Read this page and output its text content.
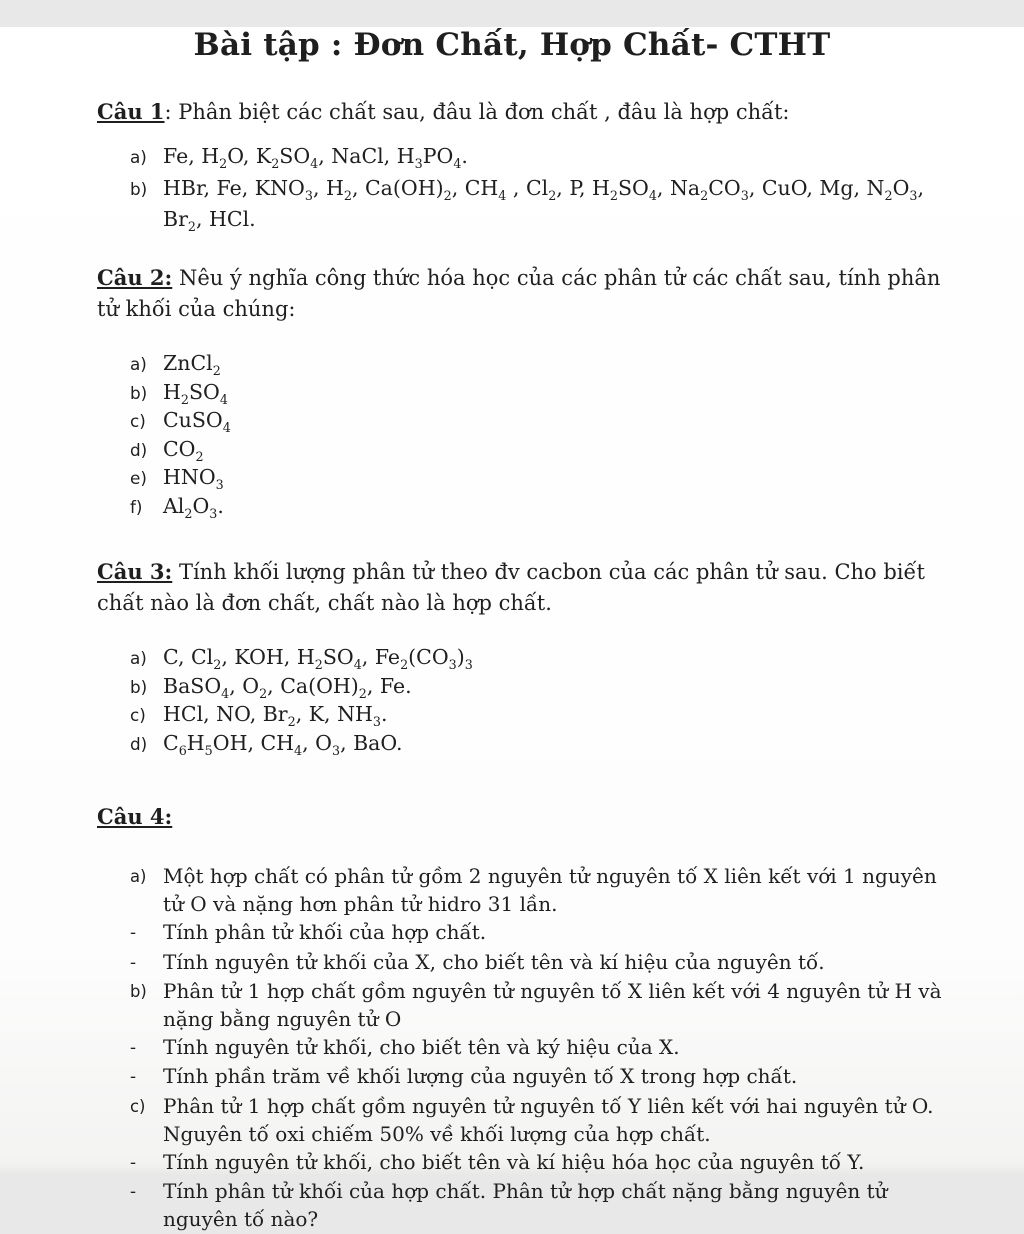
Bài tập : Đơn Chất, Hợp Chất- CTHT
Câu 1: Phân biệt các chất sau, đâu là đơn chất , đâu là hợp chất:
a) Fe, $H_2O$, $K_2SO_4$, NaCl, $H_3PO_4$.
b) HBr, Fe, $KNO_3$, $H_2$, $Ca(OH)_2$, $CH_4$ , $Cl_2$, P, $H_2SO_4$, $Na_2CO_3$, CuO, Mg, $N_2O_3$, $Br_2$, HCl.
Câu 2: Nêu ý nghĩa công thức hóa học của các phân tử các chất sau, tính phân tử khối của chúng:
a) ZnCl$_2$
b) $H_2SO_4$
c) CuSO$_4$
d) $CO_2$
e) $HNO_3$
f)	$Al_2O_3$.
Câu 3: Tính khối lượng phân tử theo đv cacbon của các phân tử sau. Cho biết chất nào là đơn chất, chất nào là hợp chất.
a) C, $Cl_2$, KOH, $H_2SO_4$, $Fe_2(CO_3)_3$
b) BaSO$_4$, $O_2$, $Ca(OH)_2$, Fe.
c) HCl, NO, $Br_2$, K, $NH_3$.
d) $C_6H_5OH$, $CH_4$, $O_3$, BaO.
Câu 4:
a) Một hợp chất có phân tử gồm 2 nguyên tử nguyên tố X liên kết với 1 nguyên tử O và nặng hơn phân tử hidro 31 lần.
-	Tính phân tử khối của hợp chất.
-	Tính nguyên tử khối của X, cho biết tên và kí hiệu của nguyên tố.
b) Phân tử 1 hợp chất gồm nguyên tử nguyên tố X liên kết với 4 nguyên tử H và nặng bằng nguyên tử O
-	Tính nguyên tử khối, cho biết tên và ký hiệu của X.
-	Tính phần trăm về khối lượng của nguyên tố X trong hợp chất.
c) Phân tử 1 hợp chất gồm nguyên tử nguyên tố Y liên kết với hai nguyên tử O. Nguyên tố oxi chiếm 50% về khối lượng của hợp chất.
-	Tính nguyên tử khối, cho biết tên và kí hiệu hóa học của nguyên tố Y.
-	Tính phân tử khối của hợp chất. Phân tử hợp chất nặng bằng nguyên tử nguyên tố nào?
